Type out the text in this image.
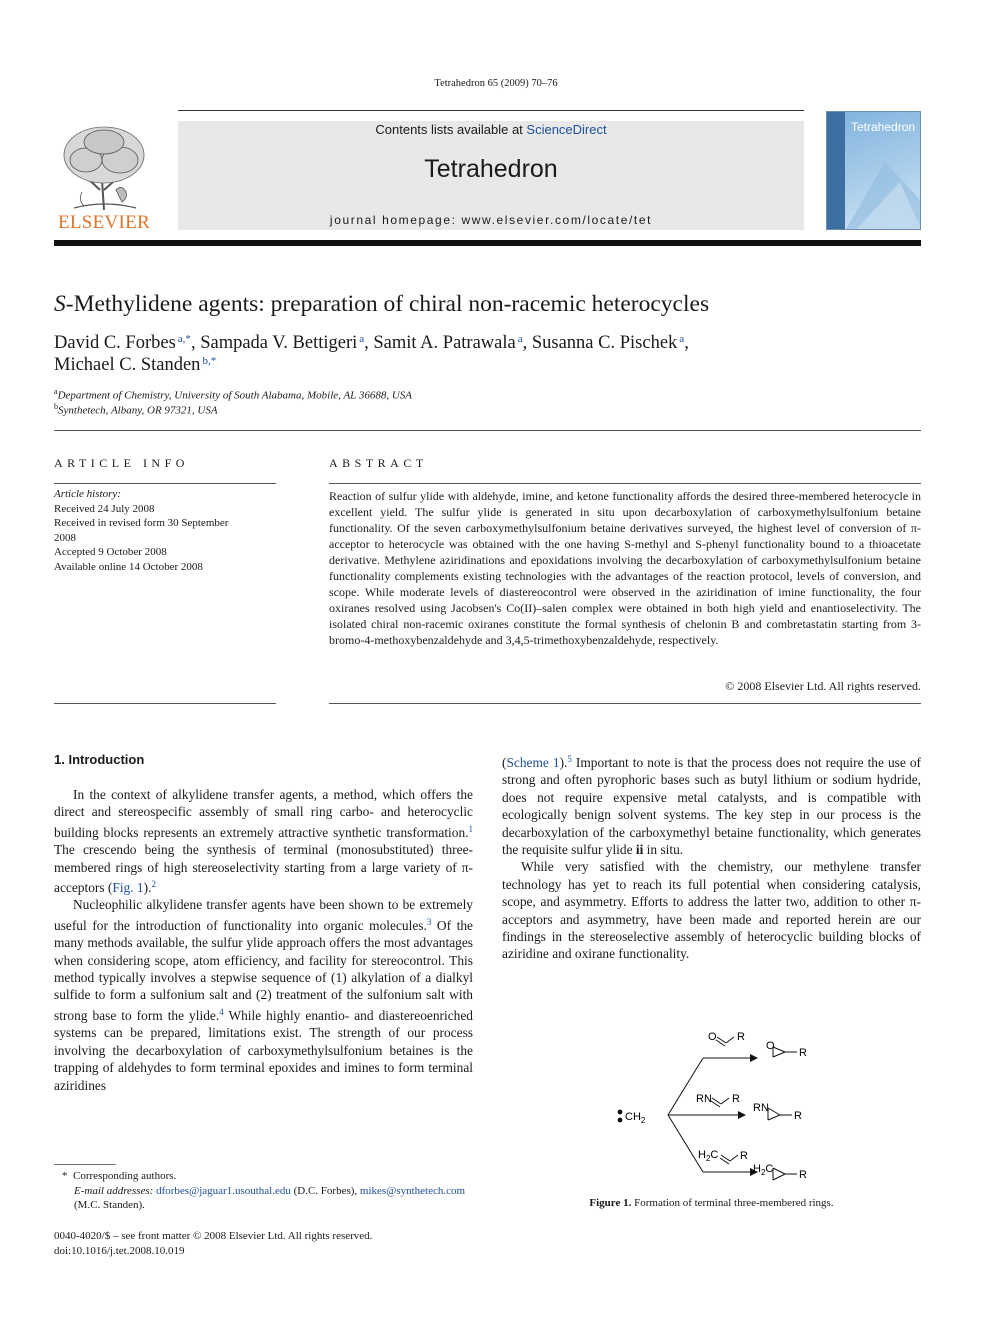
Tetrahedron 65 (2009) 70–76
ELSEVIER
Contents lists available at ScienceDirect
Tetrahedron
journal homepage: www.elsevier.com/locate/tet
Tetrahedron
S-Methylidene agents: preparation of chiral non-racemic heterocycles
David C. Forbes $^{a,*}$, Sampada V. Bettigeri $^a$, Samit A. Patrawala $^a$, Susanna C. Pischek $^a$,
Michael C. Standen $^{b,*}$
$^a$Department of Chemistry, University of South Alabama, Mobile, AL 36688, USA
$^b$Synthetech, Albany, OR 97321, USA
ARTICLE INFO
Article history:
Received 24 July 2008
Received in revised form 30 September
2008
Accepted 9 October 2008
Available online 14 October 2008
ABSTRACT
Reaction of sulfur ylide with aldehyde, imine, and ketone functionality affords the desired three-membered heterocycle in excellent yield. The sulfur ylide is generated in situ upon decarboxylation of carboxymethylsulfonium betaine functionality. Of the seven carboxymethylsulfonium betaine derivatives surveyed, the highest level of conversion of π-acceptor to heterocycle was obtained with the one having S-methyl and S-phenyl functionality bound to a thioacetate derivative. Methylene aziridinations and epoxidations involving the decarboxylation of carboxymethylsulfonium betaine functionality complements existing technologies with the advantages of the reaction protocol, levels of conversion, and scope. While moderate levels of diastereocontrol were observed in the aziridination of imine functionality, the four oxiranes resolved using Jacobsen's Co(II)–salen complex were obtained in both high yield and enantioselectivity. The isolated chiral non-racemic oxiranes constitute the formal synthesis of chelonin B and combretastatin starting from 3-bromo-4-methoxybenzaldehyde and 3,4,5-trimethoxybenzaldehyde, respectively.
© 2008 Elsevier Ltd. All rights reserved.
1. Introduction

In the context of alkylidene transfer agents, a method, which offers the direct and stereospecific assembly of small ring carbo- and heterocyclic building blocks represents an extremely attractive synthetic transformation.$^1$ The crescendo being the synthesis of terminal (monosubstituted) three-membered rings of high stereoselectivity starting from a large variety of π-acceptors (Fig. 1).$^2$

Nucleophilic alkylidene transfer agents have been shown to be extremely useful for the introduction of functionality into organic molecules.$^3$ Of the many methods available, the sulfur ylide approach offers the most advantages when considering scope, atom efficiency, and facility for stereocontrol. This method typically involves a stepwise sequence of (1) alkylation of a dialkyl sulfide to form a sulfonium salt and (2) treatment of the sulfonium salt with strong base to form the ylide.$^4$ While highly enantio- and diastereoenriched systems can be prepared, limitations exist. The strength of our process involving the decarboxylation of carboxymethylsulfonium betaines is the trapping of aldehydes to form terminal epoxides and imines to form terminal aziridines

(Scheme 1).$^5$ Important to note is that the process does not require the use of strong and often pyrophoric bases such as butyl lithium or sodium hydride, does not require expensive metal catalysts, and is compatible with ecologically benign solvent systems. The key step in our process is the decarboxylation of the carboxymethyl betaine functionality, which generates the requisite sulfur ylide ii in situ.

While very satisfied with the chemistry, our methylene transfer technology has yet to reach its full potential when considering catalysis, scope, and asymmetry. Efforts to address the latter two, addition to other π-acceptors and asymmetry, have been made and reported herein are our findings in the stereoselective assembly of heterocyclic building blocks of aziridine and oxirane functionality.

$CH_2$
O R
O
R
RN R
RN
R
$H_2C$ R
$H_2C$ R
Figure 1. Formation of terminal three-membered rings.
*  Corresponding authors.
E-mail addresses: dforbes@jaguar1.usouthal.edu (D.C. Forbes), mikes@synthetech.com (M.C. Standen).
0040-4020/$ – see front matter © 2008 Elsevier Ltd. All rights reserved.
doi:10.1016/j.tet.2008.10.019
